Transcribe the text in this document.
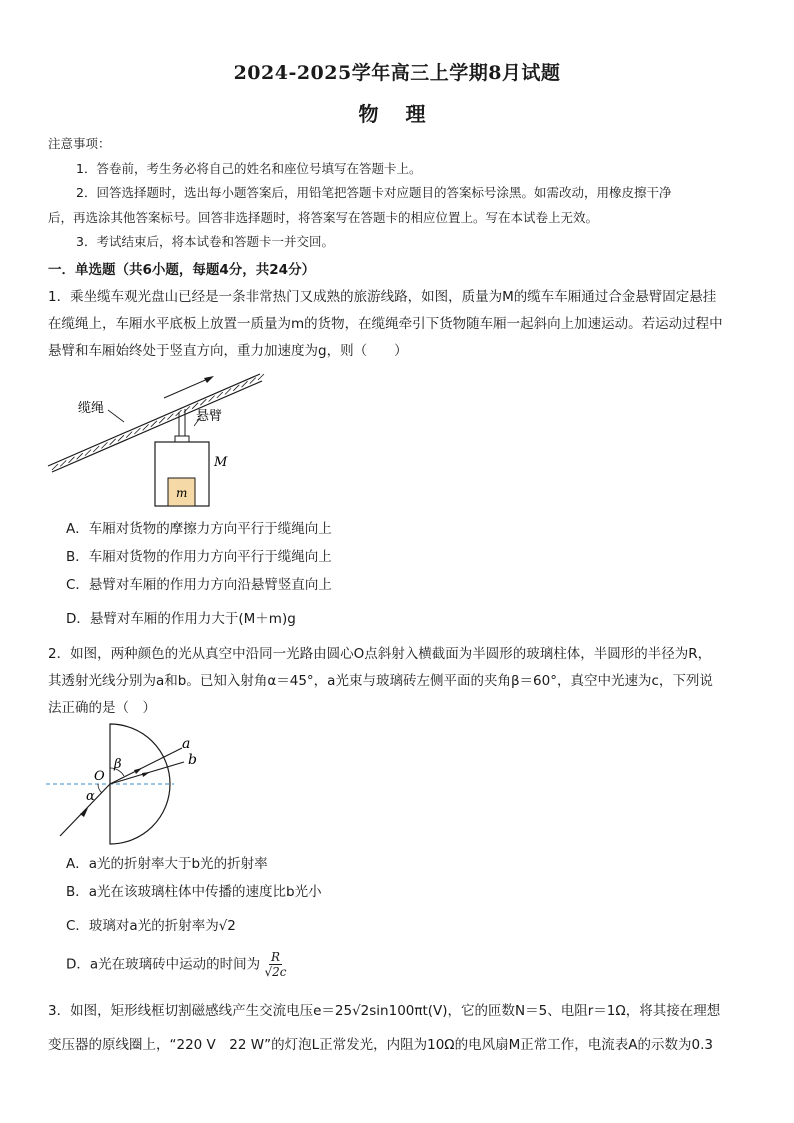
2024-2025学年高三上学期8月试题
物 理
注意事项：
1．答卷前，考生务必将自己的姓名和座位号填写在答题卡上。
2．回答选择题时，选出每小题答案后，用铅笔把答题卡对应题目的答案标号涂黑。如需改动，用橡皮擦干净
后，再选涂其他答案标号。回答非选择题时，将答案写在答题卡的相应位置上。写在本试卷上无效。
3．考试结束后，将本试卷和答题卡一并交回。
一．单选题（共6小题，每题4分，共24分）
1．乘坐缆车观光盘山已经是一条非常热门又成熟的旅游线路，如图，质量为M的缆车车厢通过合金悬臂固定悬挂
在缆绳上，车厢水平底板上放置一质量为m的货物，在缆绳牵引下货物随车厢一起斜向上加速运动。若运动过程中
悬臂和车厢始终处于竖直方向，重力加速度为g，则（　　）
缆绳
悬臂
M
m
A．车厢对货物的摩擦力方向平行于缆绳向上
B．车厢对货物的作用力方向平行于缆绳向上
C．悬臂对车厢的作用力方向沿悬臂竖直向上
D．悬臂对车厢的作用力大于(M＋m)g
2．如图，两种颜色的光从真空中沿同一光路由圆心O点斜射入横截面为半圆形的玻璃柱体，半圆形的半径为R，
其透射光线分别为a和b。已知入射角α＝45°，a光束与玻璃砖左侧平面的夹角β＝60°，真空中光速为c，下列说
法正确的是（　）
a
b
O
β
α
A．a光的折射率大于b光的折射率
B．a光在该玻璃柱体中传播的速度比b光小
C．玻璃对a光的折射率为√2
D．a光在玻璃砖中运动的时间为 $\frac{R}{√2c}$
3．如图，矩形线框切割磁感线产生交流电压e＝25√2sin100πt(V)，它的匝数N＝5、电阻r＝1Ω，将其接在理想
变压器的原线圈上，“220 V　22 W”的灯泡L正常发光，内阻为10Ω的电风扇M正常工作，电流表A的示数为0.3
